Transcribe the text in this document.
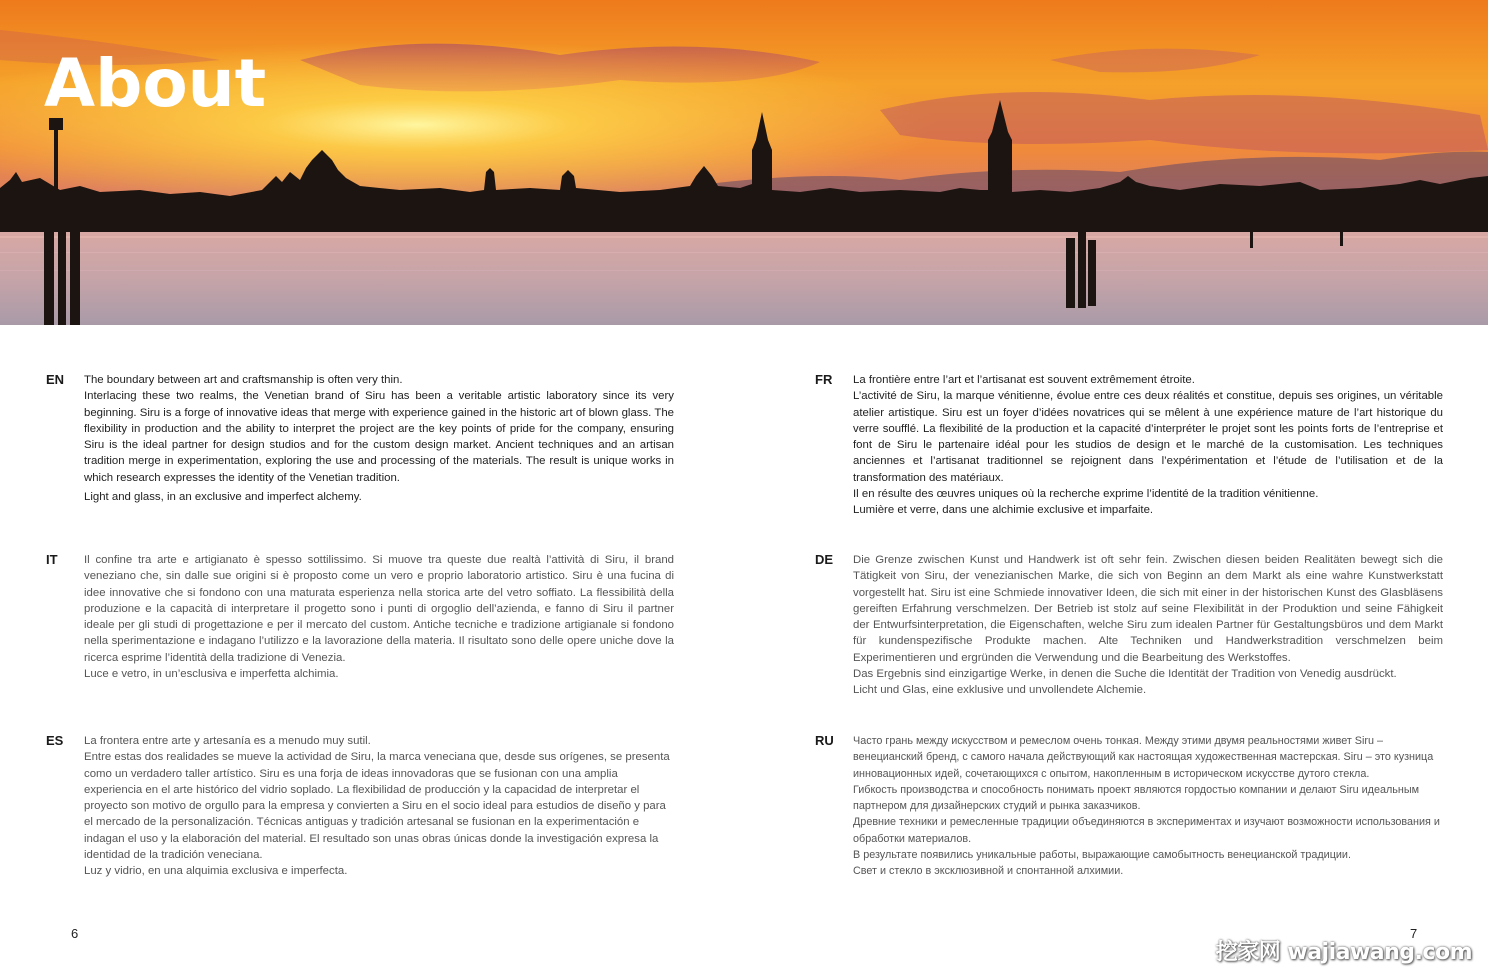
About
EN The boundary between art and craftsmanship is often very thin.

Interlacing these two realms, the Venetian brand of Siru has been a veritable artistic laboratory since its very beginning. Siru is a forge of innovative ideas that merge with experience gained in the historic art of blown glass. The flexibility in production and the ability to interpret the project are the key points of pride for the company, ensuring Siru is the ideal partner for design studios and for the custom design market. Ancient techniques and an artisan tradition merge in experimentation, exploring the use and processing of the materials. The result is unique works in which research expresses the identity of the Venetian tradition.

Light and glass, in an exclusive and imperfect alchemy.

IT Il confine tra arte e artigianato è spesso sottilissimo. Si muove tra queste due realtà l’attività di Siru, il brand veneziano che, sin dalle sue origini si è proposto come un vero e proprio laboratorio artistico. Siru è una fucina di idee innovative che si fondono con una maturata esperienza nella storica arte del vetro soffiato. La flessibilità della produzione e la capacità di interpretare il progetto sono i punti di orgoglio dell’azienda, e fanno di Siru il partner ideale per gli studi di progettazione e per il mercato del custom. Antiche tecniche e tradizione artigianale si fondono nella sperimentazione e indagano l’utilizzo e la lavorazione della materia. Il risultato sono delle opere uniche dove la ricerca esprime l’identità della tradizione di Venezia.

Luce e vetro, in un’esclusiva e imperfetta alchimia.

ES La frontera entre arte y artesanía es a menudo muy sutil.

Entre estas dos realidades se mueve la actividad de Siru, la marca veneciana que, desde sus orígenes, se presenta como un verdadero taller artístico. Siru es una forja de ideas innovadoras que se fusionan con una amplia experiencia en el arte histórico del vidrio soplado. La flexibilidad de producción y la capacidad de interpretar el proyecto son motivo de orgullo para la empresa y convierten a Siru en el socio ideal para estudios de diseño y para el mercado de la personalización. Técnicas antiguas y tradición artesanal se fusionan en la experimentación e indagan el uso y la elaboración del material. El resultado son unas obras únicas donde la investigación expresa la identidad de la tradición veneciana.

Luz y vidrio, en una alquimia exclusiva e imperfecta.

FR La frontière entre l’art et l’artisanat est souvent extrêmement étroite.

L’activité de Siru, la marque vénitienne, évolue entre ces deux réalités et constitue, depuis ses origines, un véritable atelier artistique. Siru est un foyer d’idées novatrices qui se mêlent à une expérience mature de l’art historique du verre soufflé. La flexibilité de la production et la capacité d’interpréter le projet sont les points forts de l’entreprise et font de Siru le partenaire idéal pour les studios de design et le marché de la customisation. Les techniques anciennes et l’artisanat traditionnel se rejoignent dans l’expérimentation et l’étude de l’utilisation et de la transformation des matériaux.

Il en résulte des œuvres uniques où la recherche exprime l’identité de la tradition vénitienne.

Lumière et verre, dans une alchimie exclusive et imparfaite.

DE Die Grenze zwischen Kunst und Handwerk ist oft sehr fein. Zwischen diesen beiden Realitäten bewegt sich die Tätigkeit von Siru, der venezianischen Marke, die sich von Beginn an dem Markt als eine wahre Kunstwerkstatt vorgestellt hat. Siru ist eine Schmiede innovativer Ideen, die sich mit einer in der historischen Kunst des Glasbläsens gereiften Erfahrung verschmelzen. Der Betrieb ist stolz auf seine Flexibilität in der Produktion und seine Fähigkeit der Entwurfsinterpretation, die Eigenschaften, welche Siru zum idealen Partner für Gestaltungsbüros und dem Markt für kundenspezifische Produkte machen. Alte Techniken und Handwerkstradition verschmelzen beim Experimentieren und ergründen die Verwendung und die Bearbeitung des Werkstoffes.

Das Ergebnis sind einzigartige Werke, in denen die Suche die Identität der Tradition von Venedig ausdrückt.

Licht und Glas, eine exklusive und unvollendete Alchemie.

RU Часто грань между искусством и ремеслом очень тонкая. Между этими двумя реальностями живет Siru – венецианский бренд, с самого начала действующий как настоящая художественная мастерская. Siru – это кузница инновационных идей, сочетающихся с опытом, накопленным в историческом искусстве дутого стекла.

Гибкость производства и способность понимать проект являются гордостью компании и делают Siru идеальным партнером для дизайнерских студий и рынка заказчиков.

Древние техники и ремесленные традиции объединяются в экспериментах и изучают возможности использования и обработки материалов.

В результате появились уникальные работы, выражающие самобытность венецианской традиции.

Свет и стекло в эксклюзивной и спонтанной алхимии.

6	7
挖家网 wajiawang.com
